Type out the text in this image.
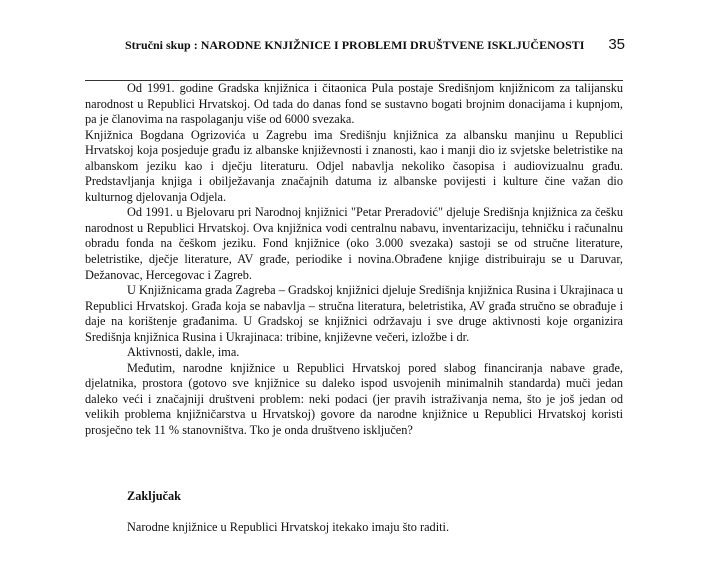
Stručni skup : NARODNE KNJIŽNICE I PROBLEMI DRUŠTVENE ISKLJUČENOSTI 35

Od 1991. godine Gradska knjižnica i čitaonica Pula postaje Središnjom knjižnicom za talijansku narodnost u Republici Hrvatskoj. Od tada do danas fond se sustavno bogati brojnim donacijama i kupnjom, pa je članovima na raspolaganju više od 6000 svezaka.

Knjižnica Bogdana Ogrizovića u Zagrebu ima Središnju knjižnica za albansku manjinu u Republici Hrvatskoj koja posjeduje građu iz albanske književnosti i znanosti, kao i manji dio iz svjetske beletristike na albanskom jeziku kao i dječju literaturu. Odjel nabavlja nekoliko časopisa i audiovizualnu građu. Predstavljanja knjiga i obilježavanja značajnih datuma iz albanske povijesti i kulture čine važan dio kulturnog djelovanja Odjela.

Od 1991. u Bjelovaru pri Narodnoj knjižnici "Petar Preradović" djeluje Središnja knjižnica za češku narodnost u Republici Hrvatskoj. Ova knjižnica vodi centralnu nabavu, inventarizaciju, tehničku i računalnu obradu fonda na češkom jeziku. Fond knjižnice (oko 3.000 svezaka) sastoji se od stručne literature, beletristike, dječje literature, AV građe, periodike i novina.Obrađene knjige distribuiraju se u Daruvar, Dežanovac, Hercegovac i Zagreb.

U Knjižnicama grada Zagreba – Gradskoj knjižnici djeluje Središnja knjižnica Rusina i Ukrajinaca u Republici Hrvatskoj. Građa koja se nabavlja – stručna literatura, beletristika, AV građa stručno se obrađuje i daje na korištenje građanima. U Gradskoj se knjižnici održavaju i sve druge aktivnosti koje organizira Središnja knjižnica Rusina i Ukrajinaca: tribine, književne večeri, izložbe i dr.

Aktivnosti, dakle, ima.

Međutim, narodne knjižnice u Republici Hrvatskoj pored slabog financiranja nabave građe, djelatnika, prostora (gotovo sve knjižnice su daleko ispod usvojenih minimalnih standarda) muči jedan daleko veći i značajniji društveni problem: neki podaci (jer pravih istraživanja nema, što je još jedan od velikih problema knjižničarstva u Hrvatskoj) govore da narodne knjižnice u Republici Hrvatskoj koristi prosječno tek 11 % stanovništva. Tko je onda društveno isključen?

Zaključak
Narodne knjižnice u Republici Hrvatskoj itekako imaju što raditi.
